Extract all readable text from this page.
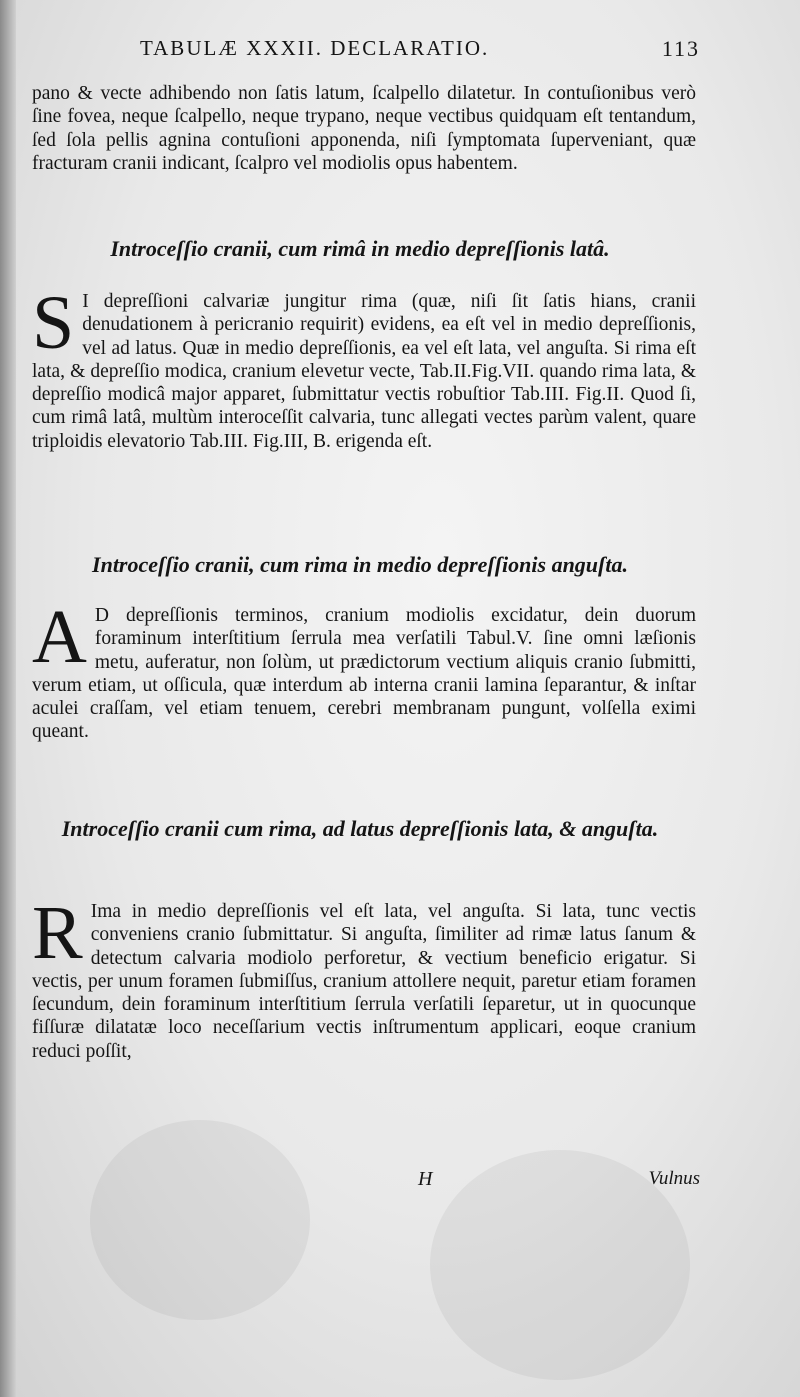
TABULÆ XXXII. DECLARATIO.	113

pano & vecte adhibendo non ſatis latum, ſcalpello dilatetur. In contuſionibus verò ſine fovea, neque ſcalpello, neque trypano, neque vectibus quidquam eſt tentandum, ſed ſola pellis agnina contuſioni apponenda, niſi ſymptomata ſuperveniant, quæ fracturam cranii indicant, ſcalpro vel modiolis opus habentem.

Introceſſio cranii, cum rimâ in medio depreſſionis latâ.

S I depreſſioni calvariæ jungitur rima (quæ, niſi ſit ſatis hians, cranii denudationem à pericranio requirit) evidens, ea eſt vel in medio depreſſionis, vel ad latus. Quæ in medio depreſſionis, ea vel eſt lata, vel anguſta. Si rima eſt lata, & depreſſio modica, cranium elevetur vecte, Tab.II.Fig.VII. quando rima lata, & depreſſio modicâ major apparet, ſubmittatur vectis robuſtior Tab.III. Fig.II. Quod ſi, cum rimâ latâ, multùm interoceſſit calvaria, tunc allegati vectes parùm valent, quare triploidis elevatorio Tab.III. Fig.III, B. erigenda eſt.

Introceſſio cranii, cum rima in medio depreſſionis anguſta.

A D depreſſionis terminos, cranium modiolis excidatur, dein duorum foraminum interſtitium ſerrula mea verſatili Tabul.V. ſine omni læſionis metu, auferatur, non ſolùm, ut prædictorum vectium aliquis cranio ſubmitti, verum etiam, ut oſſicula, quæ interdum ab interna cranii lamina ſeparantur, & inſtar aculei craſſam, vel etiam tenuem, cerebri membranam pungunt, volſella eximi queant.

Introceſſio cranii cum rima, ad latus depreſſionis lata, & anguſta.

R Ima in medio depreſſionis vel eſt lata, vel anguſta. Si lata, tunc vectis conveniens cranio ſubmittatur. Si anguſta, ſimiliter ad rimæ latus ſanum & detectum calvaria modiolo perforetur, & vectium beneficio erigatur. Si vectis, per unum foramen ſubmiſſus, cranium attollere nequit, paretur etiam foramen ſecundum, dein foraminum interſtitium ſerrula verſatili ſeparetur, ut in quocunque fiſſuræ dilatatæ loco neceſſarium vectis inſtrumentum applicari, eoque cranium reduci poſſit,
H	Vulnus
